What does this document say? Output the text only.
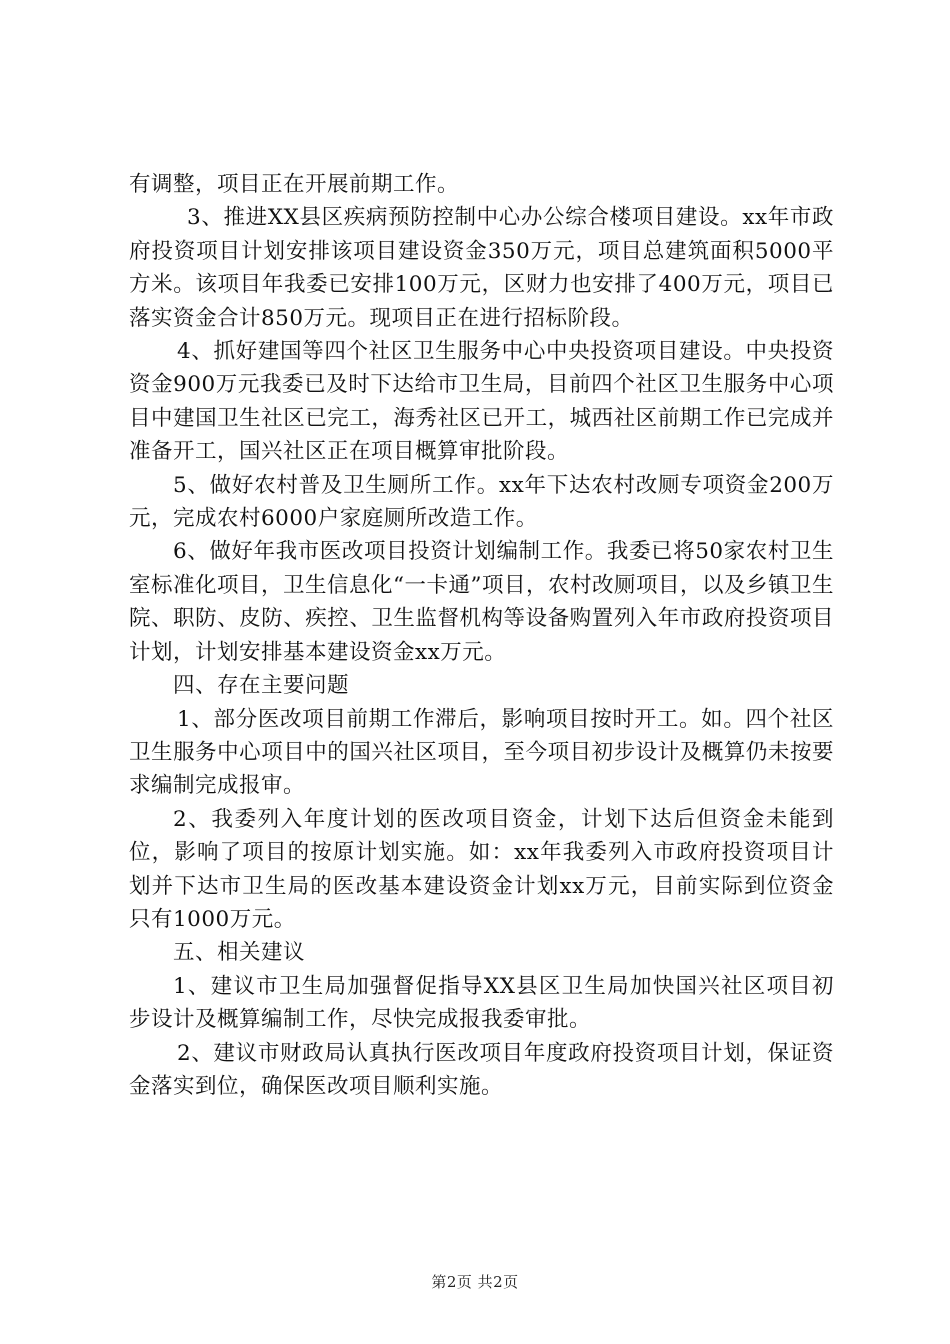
有调整，项目正在开展前期工作。

3、推进XX县区疾病预防控制中心办公综合楼项目建设。xx年市政府投资项目计划安排该项目建设资金350万元，项目总建筑面积5000平方米。该项目年我委已安排100万元，区财力也安排了400万元，项目已落实资金合计850万元。现项目正在进行招标阶段。

4、抓好建国等四个社区卫生服务中心中央投资项目建设。中央投资资金900万元我委已及时下达给市卫生局，目前四个社区卫生服务中心项目中建国卫生社区已完工，海秀社区已开工，城西社区前期工作已完成并准备开工，国兴社区正在项目概算审批阶段。

5、做好农村普及卫生厕所工作。xx年下达农村改厕专项资金200万元，完成农村6000户家庭厕所改造工作。

6、做好年我市医改项目投资计划编制工作。我委已将50家农村卫生室标准化项目，卫生信息化“一卡通”项目，农村改厕项目，以及乡镇卫生院、职防、皮防、疾控、卫生监督机构等设备购置列入年市政府投资项目计划，计划安排基本建设资金xx万元。

四、存在主要问题

1、部分医改项目前期工作滞后，影响项目按时开工。如。四个社区卫生服务中心项目中的国兴社区项目，至今项目初步设计及概算仍未按要求编制完成报审。

2、我委列入年度计划的医改项目资金，计划下达后但资金未能到位，影响了项目的按原计划实施。如：xx年我委列入市政府投资项目计划并下达市卫生局的医改基本建设资金计划xx万元，目前实际到位资金只有1000万元。

五、相关建议

1、建议市卫生局加强督促指导XX县区卫生局加快国兴社区项目初步设计及概算编制工作，尽快完成报我委审批。

2、建议市财政局认真执行医改项目年度政府投资项目计划，保证资金落实到位，确保医改项目顺利实施。

第2页 共2页
